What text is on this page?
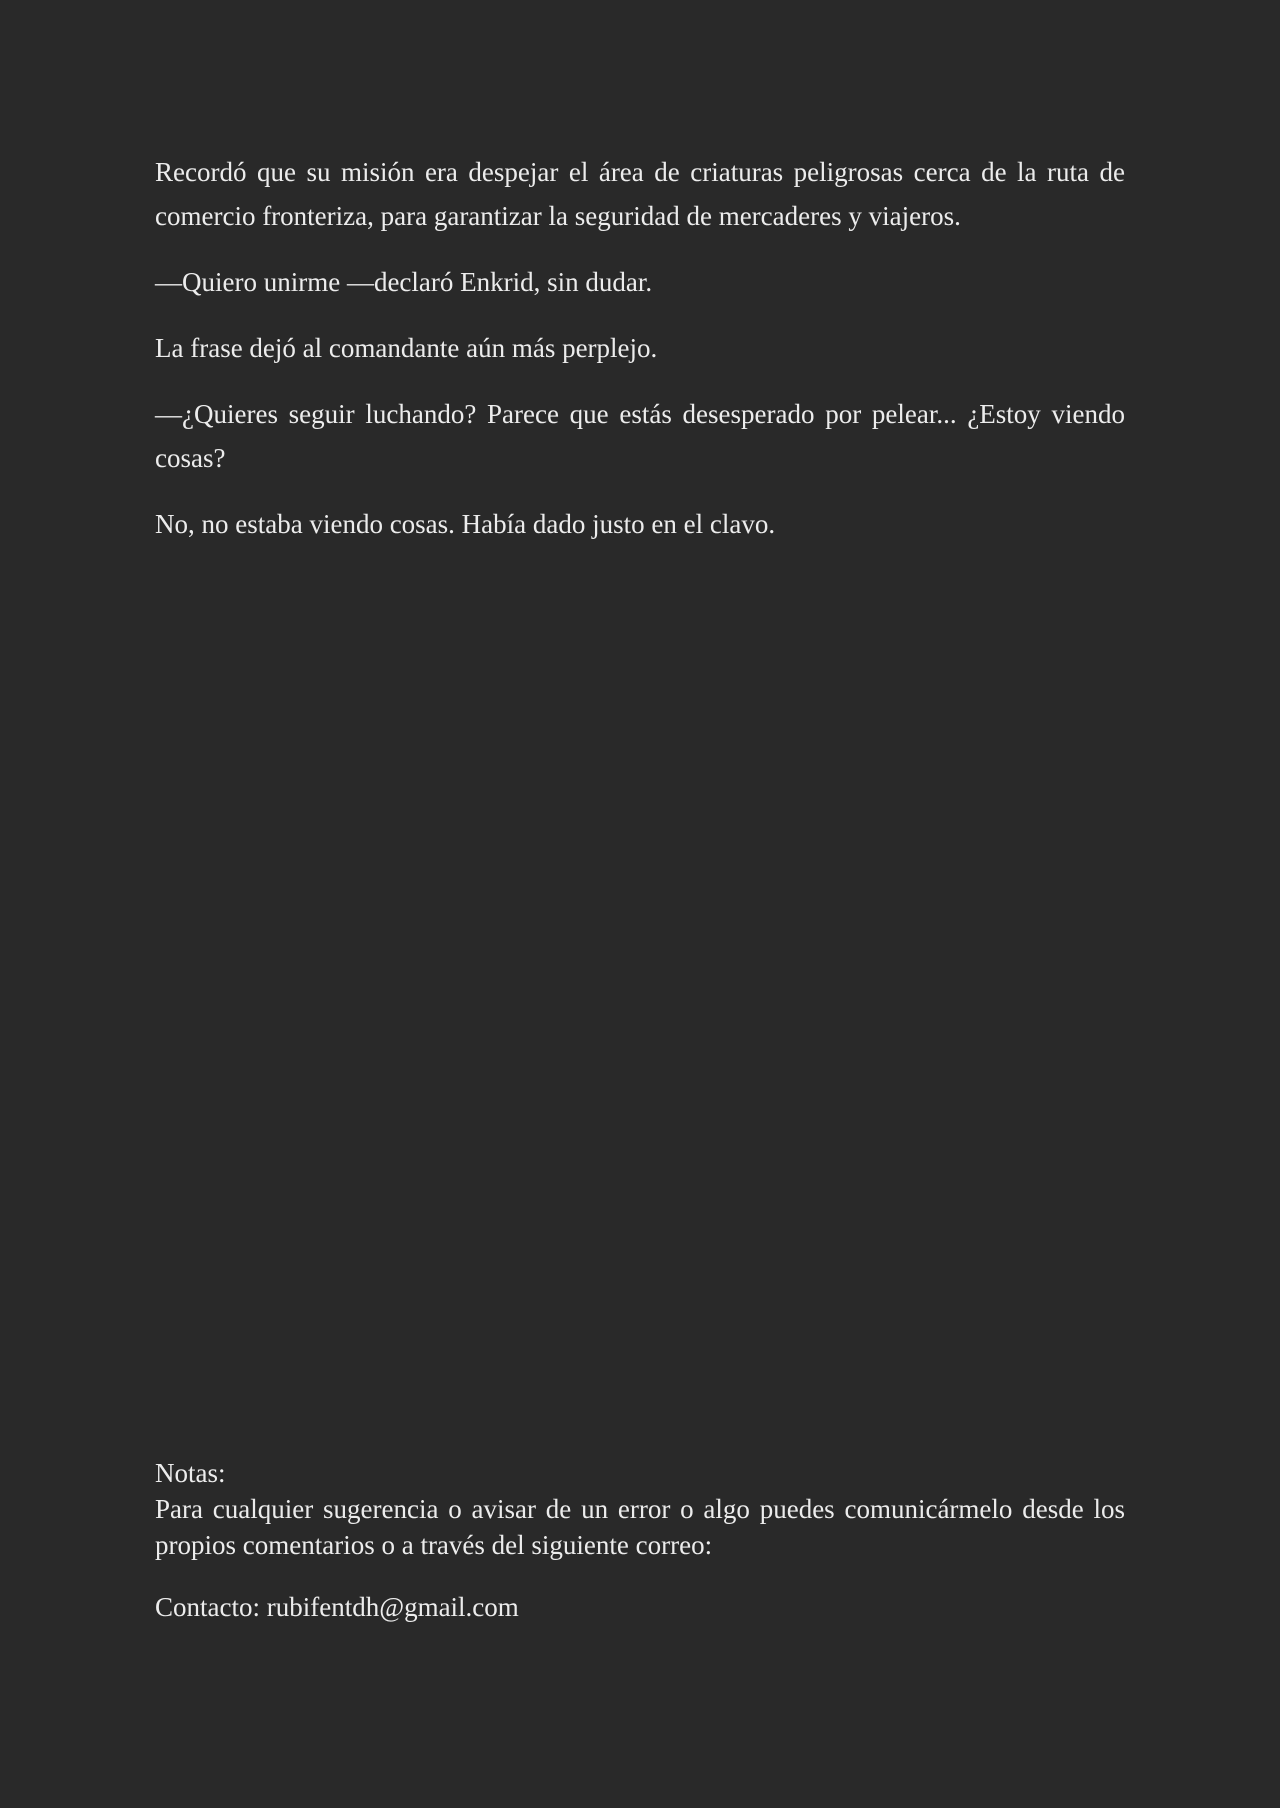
Recordó que su misión era despejar el área de criaturas peligrosas cerca de la ruta de comercio fronteriza, para garantizar la seguridad de mercaderes y viajeros.

—Quiero unirme —declaró Enkrid, sin dudar.

La frase dejó al comandante aún más perplejo.

—¿Quieres seguir luchando? Parece que estás desesperado por pelear... ¿Estoy viendo cosas?

No, no estaba viendo cosas. Había dado justo en el clavo.

Notas:
Para cualquier sugerencia o avisar de un error o algo puedes comunicármelo desde los propios comentarios o a través del siguiente correo:
Contacto: rubifentdh@gmail.com
